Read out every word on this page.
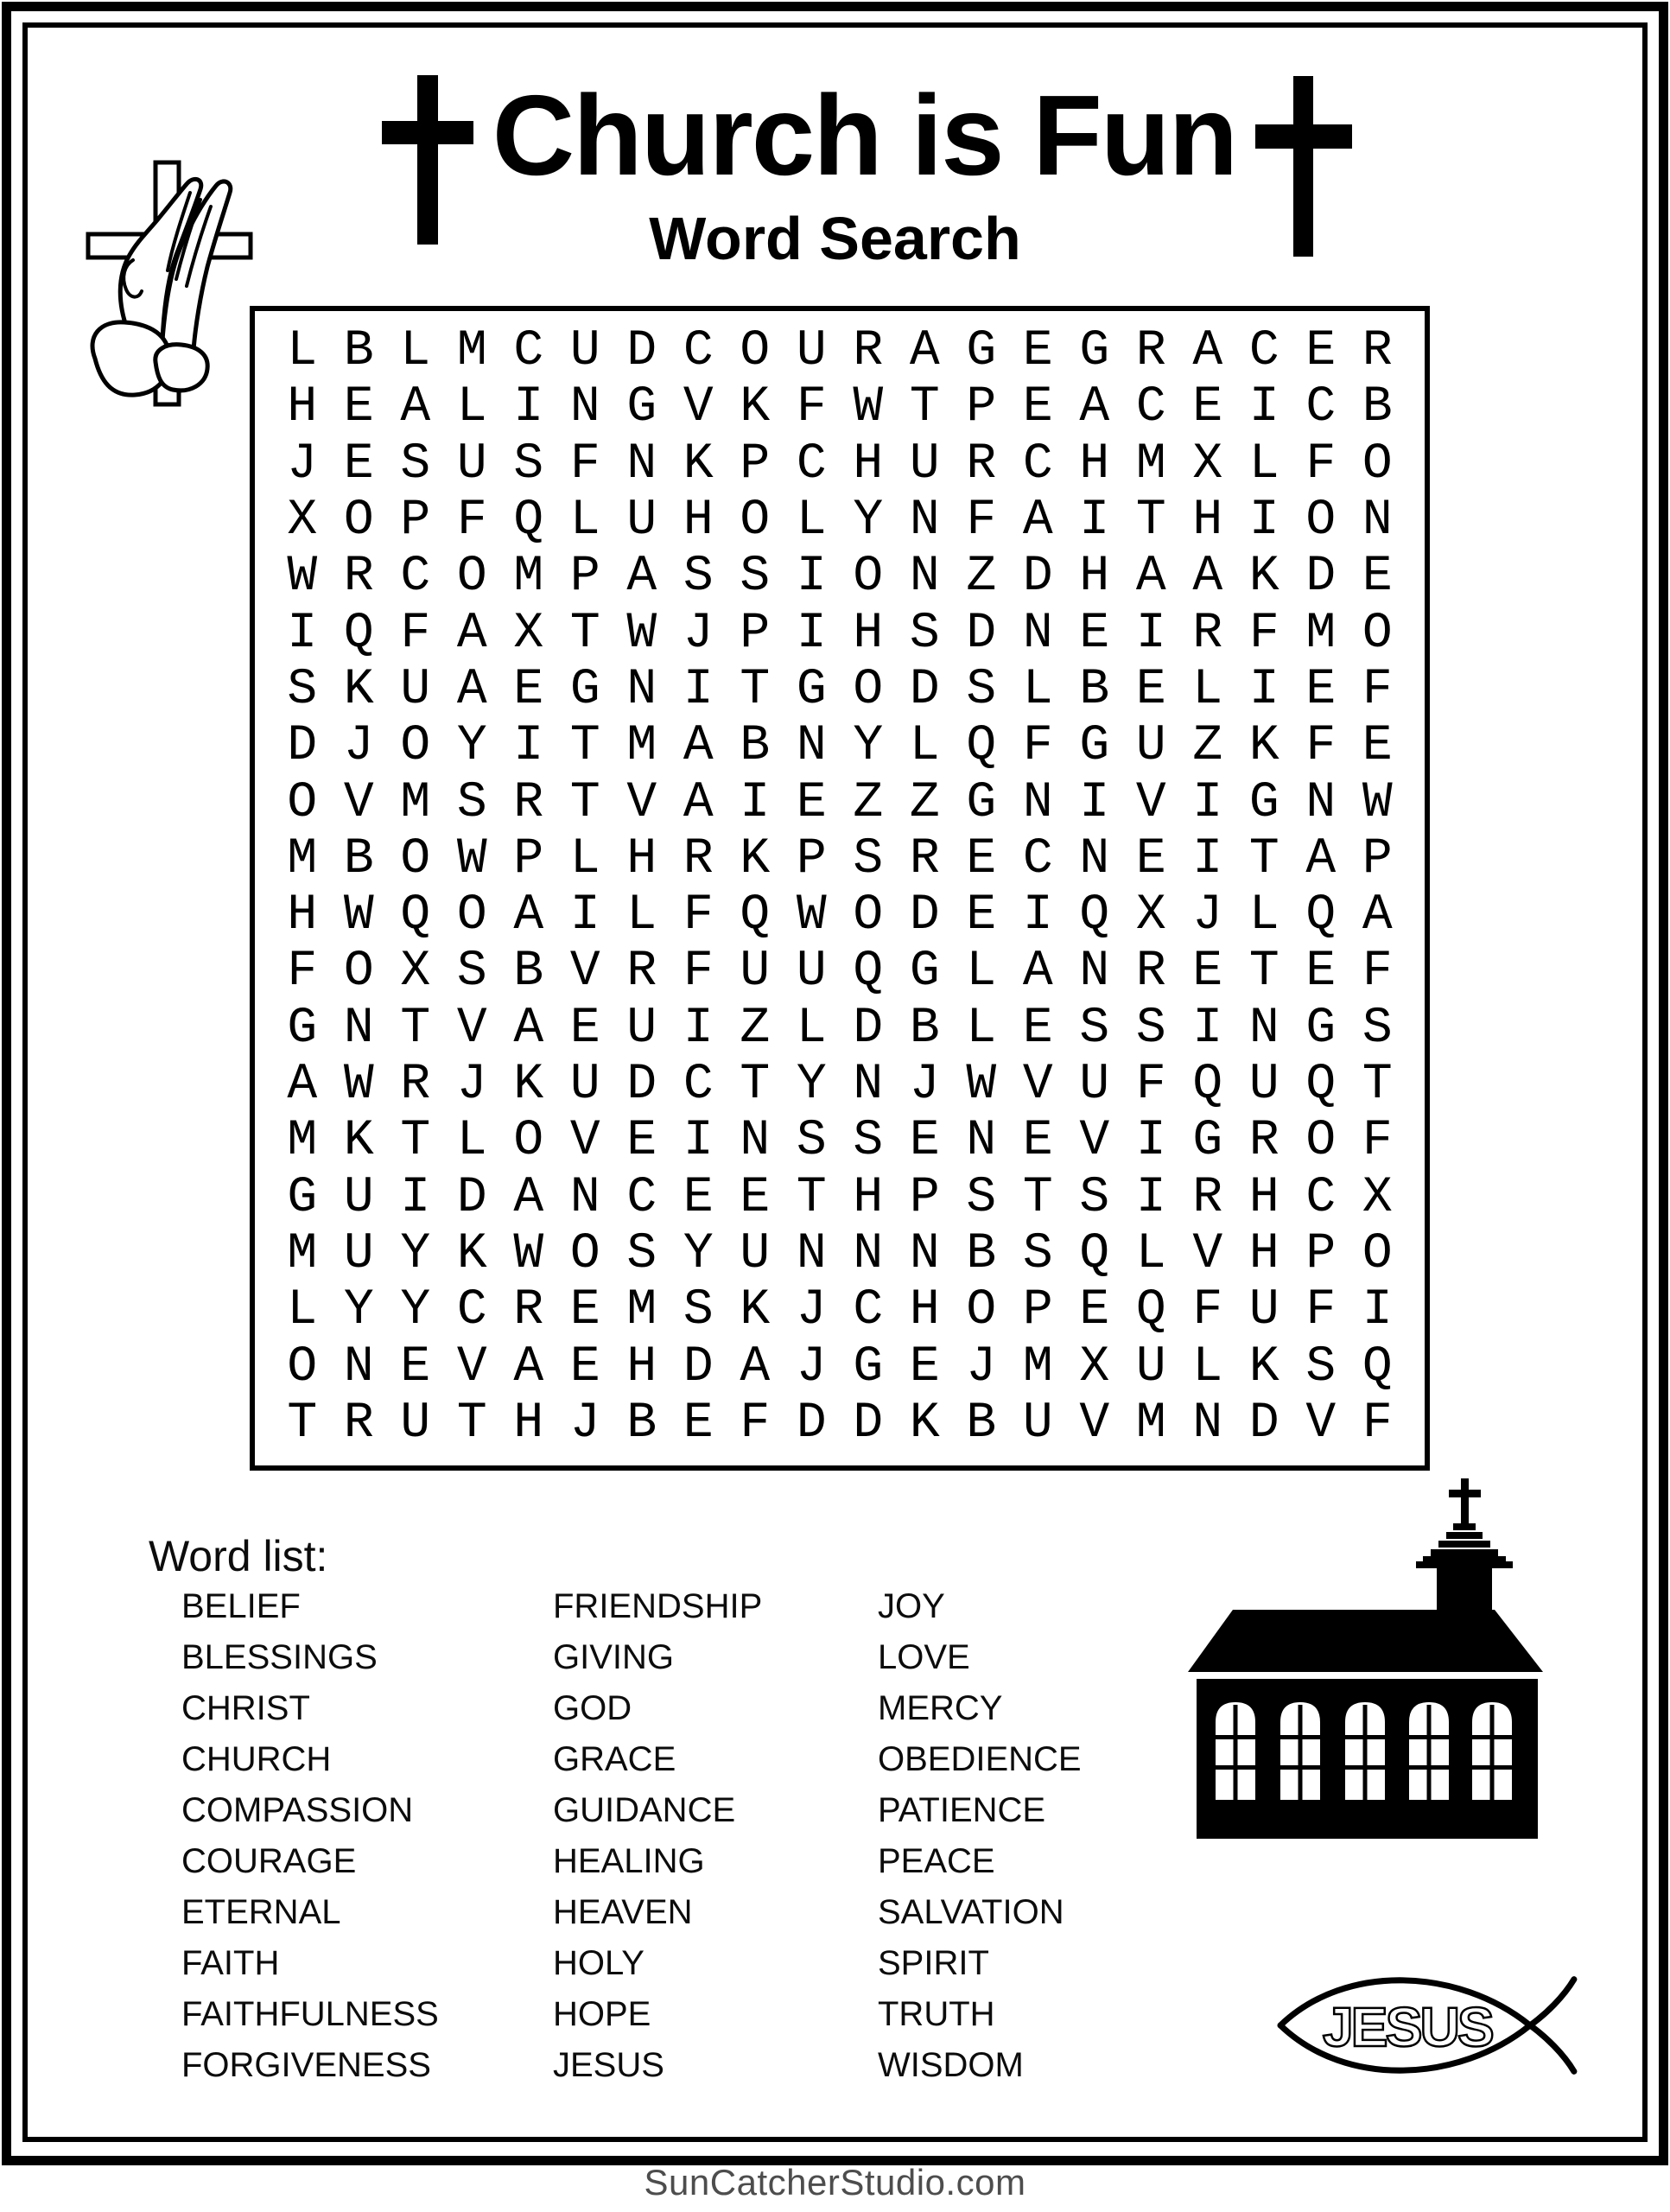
Church is Fun
Word Search
L B L M C U D C O U R A G E G R A C E R
H E A L I N G V K F W T P E A C E I C B
J E S U S F N K P C H U R C H M X L F O
X O P F Q L U H O L Y N F A I T H I O N
W R C O M P A S S I O N Z D H A A K D E
I Q F A X T W J P I H S D N E I R F M O
S K U A E G N I T G O D S L B E L I E F
D J O Y I T M A B N Y L Q F G U Z K F E
O V M S R T V A I E Z Z G N I V I G N W
M B O W P L H R K P S R E C N E I T A P
H W Q O A I L F Q W O D E I Q X J L Q A
F O X S B V R F U U Q G L A N R E T E F
G N T V A E U I Z L D B L E S S I N G S
A W R J K U D C T Y N J W V U F Q U Q T
M K T L O V E I N S S E N E V I G R O F
G U I D A N C E E T H P S T S I R H C X
M U Y K W O S Y U N N N B S Q L V H P O
L Y Y C R E M S K J C H O P E Q F U F I
O N E V A E H D A J G E J M X U L K S Q
T R U T H J B E F D D K B U V M N D V F
Word list:
BELIEF
BLESSINGS
CHRIST
CHURCH
COMPASSION
COURAGE
ETERNAL
FAITH
FAITHFULNESS
FORGIVENESS
FRIENDSHIP
GIVING
GOD
GRACE
GUIDANCE
HEALING
HEAVEN
HOLY
HOPE
JESUS
JOY
LOVE
MERCY
OBEDIENCE
PATIENCE
PEACE
SALVATION
SPIRIT
TRUTH
WISDOM
JESUS
SunCatcherStudio.com
